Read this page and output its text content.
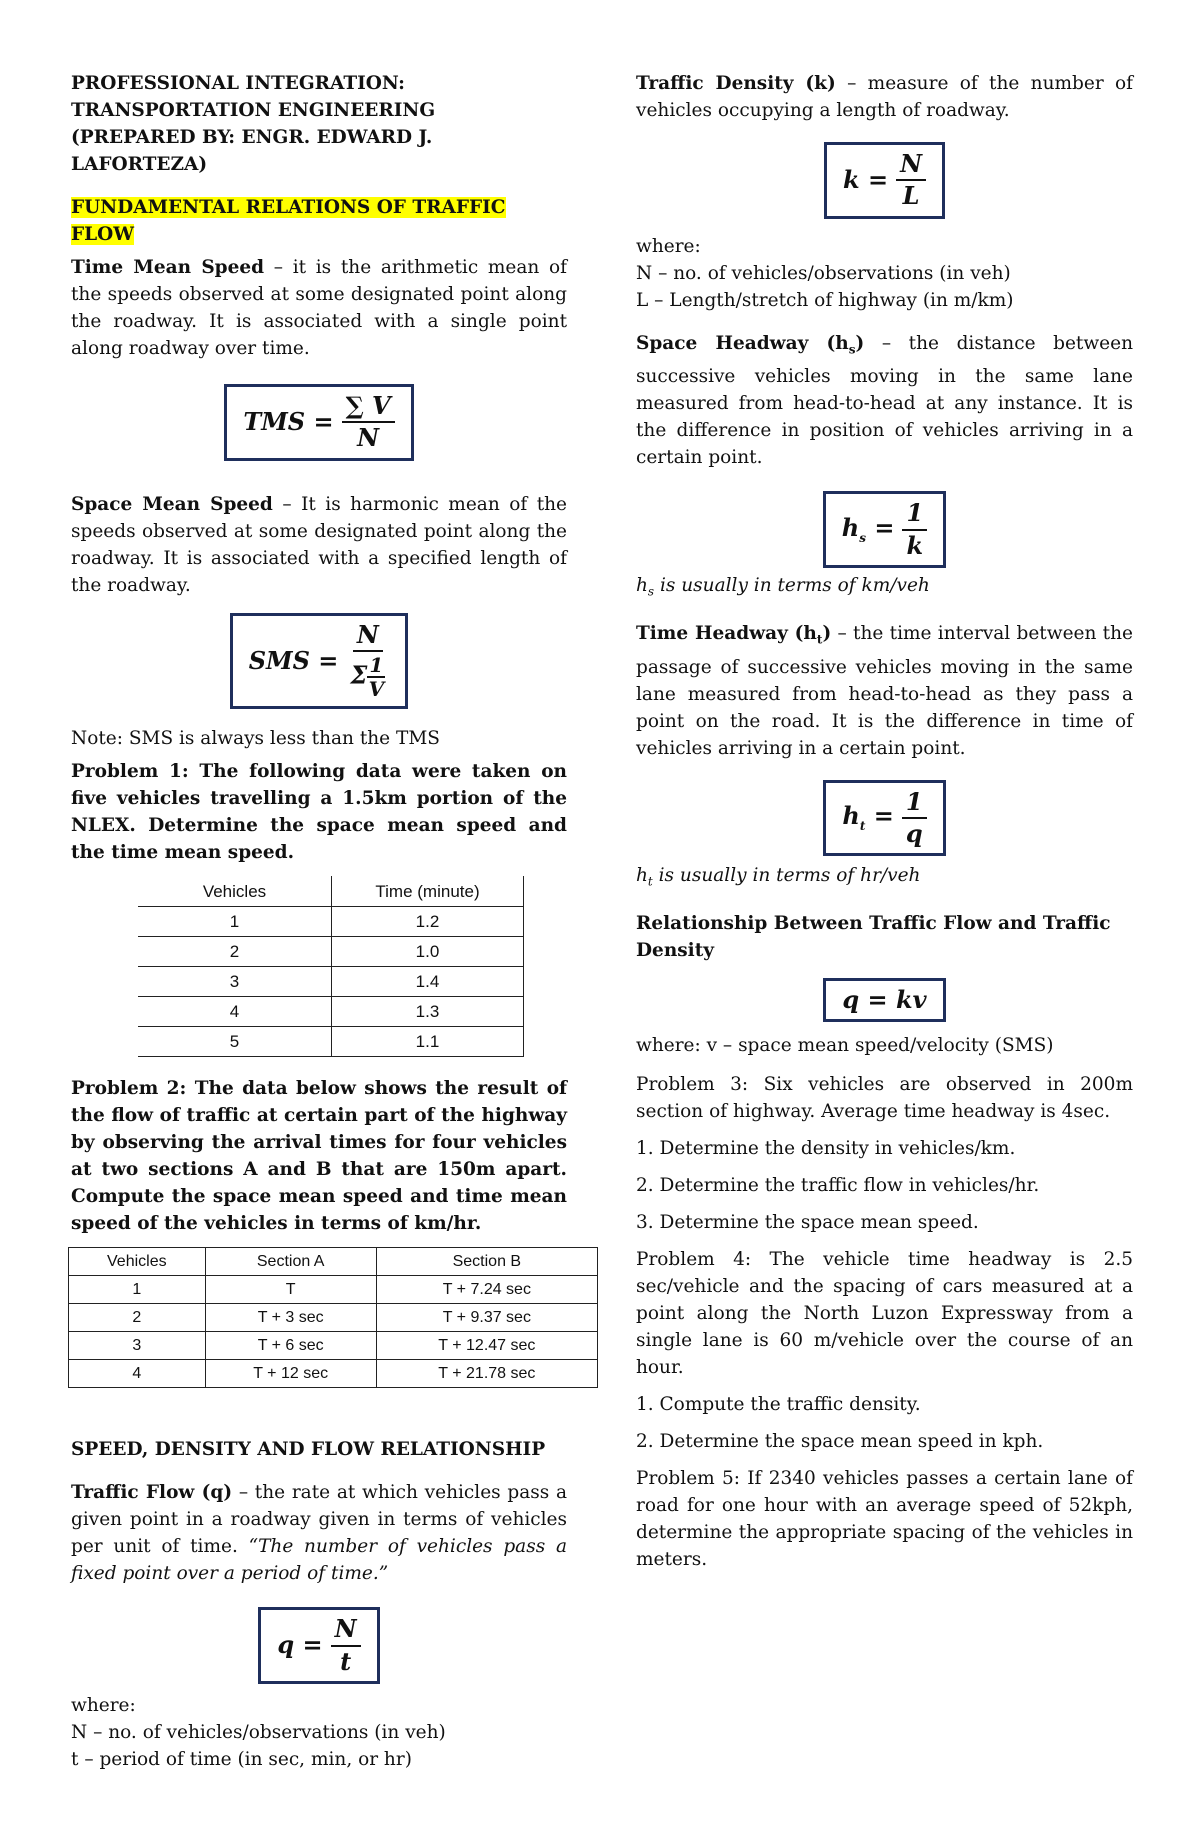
PROFESSIONAL INTEGRATION:

TRANSPORTATION ENGINEERING

(PREPARED BY: ENGR. EDWARD J. LAFORTEZA)

FUNDAMENTAL RELATIONS OF TRAFFIC FLOW

Time Mean Speed – it is the arithmetic mean of the speeds observed at some designated point along the roadway. It is associated with a single point along roadway over time.

TMS = $\frac{\sum V}{N}$

Space Mean Speed – It is harmonic mean of the speeds observed at some designated point along the roadway. It is associated with a specified length of the roadway.

SMS = $\frac{N}{\Sigma \frac{1}{V}}$

Note: SMS is always less than the TMS

Problem 1: The following data were taken on five vehicles travelling a 1.5km portion of the NLEX. Determine the space mean speed and the time mean speed.

Vehicles	Time (minute)
1	1.2
2	1.0
3	1.4
4	1.3
5	1.1

Problem 2: The data below shows the result of the flow of traffic at certain part of the highway by observing the arrival times for four vehicles at two sections A and B that are 150m apart. Compute the space mean speed and time mean speed of the vehicles in terms of km/hr.

Vehicles	Section A	Section B
1	T	T + 7.24 sec
2	T + 3 sec	T + 9.37 sec
3	T + 6 sec	T + 12.47 sec
4	T + 12 sec	T + 21.78 sec

SPEED, DENSITY AND FLOW RELATIONSHIP

Traffic Flow (q) – the rate at which vehicles pass a given point in a roadway given in terms of vehicles per unit of time. “The number of vehicles pass a fixed point over a period of time.”

$q = \frac{N}{t}$

where:

N – no. of vehicles/observations (in veh)

t – period of time (in sec, min, or hr)

Traffic Density (k) – measure of the number of vehicles occupying a length of roadway.

$k = \frac{N}{L}$

where:

N – no. of vehicles/observations (in veh)

L – Length/stretch of highway (in m/km)

Space Headway $(h_s)$ – the distance between successive vehicles moving in the same lane measured from head-to-head at any instance. It is the difference in position of vehicles arriving in a certain point.

$h_s = \frac{1}{k}$

$h_s$ is usually in terms of km/veh

Time Headway $(h_t)$ – the time interval between the passage of successive vehicles moving in the same lane measured from head-to-head as they pass a point on the road. It is the difference in time of vehicles arriving in a certain point.

$h_t = \frac{1}{q}$

$h_t$ is usually in terms of hr/veh

Relationship Between Traffic Flow and Traffic Density

q = kv

where: v – space mean speed/velocity (SMS)

Problem 3: Six vehicles are observed in 200m section of highway. Average time headway is 4sec.

1. Determine the density in vehicles/km.

2. Determine the traffic flow in vehicles/hr.

3. Determine the space mean speed.

Problem 4: The vehicle time headway is 2.5 sec/vehicle and the spacing of cars measured at a point along the North Luzon Expressway from a single lane is 60 m/vehicle over the course of an hour.

1. Compute the traffic density.

2. Determine the space mean speed in kph.

Problem 5: If 2340 vehicles passes a certain lane of road for one hour with an average speed of 52kph, determine the appropriate spacing of the vehicles in meters.
